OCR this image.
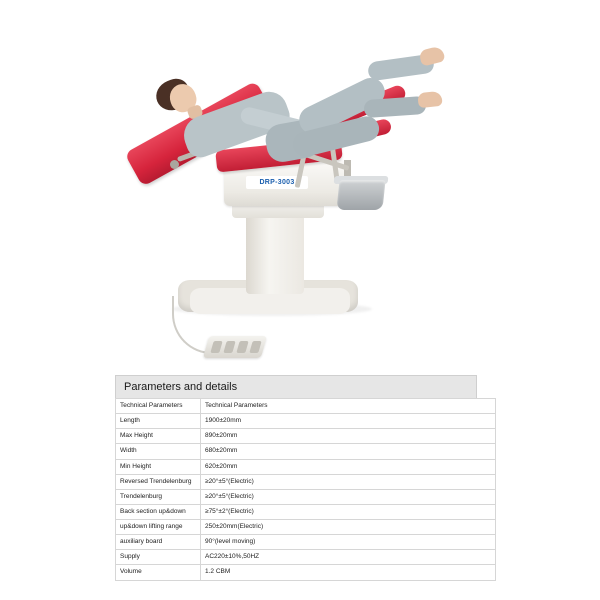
DRP-3003
Parameters and details
Technical Parameters	Technical Parameters
Length	1900±20mm
Max Height	890±20mm
Width	680±20mm
Min Height	620±20mm
Reversed Trendelenburg	≥20°±5°(Electric)
Trendelenburg	≥20°±5°(Electric)
Back section up&down	≥75°±2°(Electric)
up&down lifting range	250±20mm(Electric)
auxiliary board	90°(level moving)
Supply	AC220±10%,50HZ
Volume	1.2 CBM
